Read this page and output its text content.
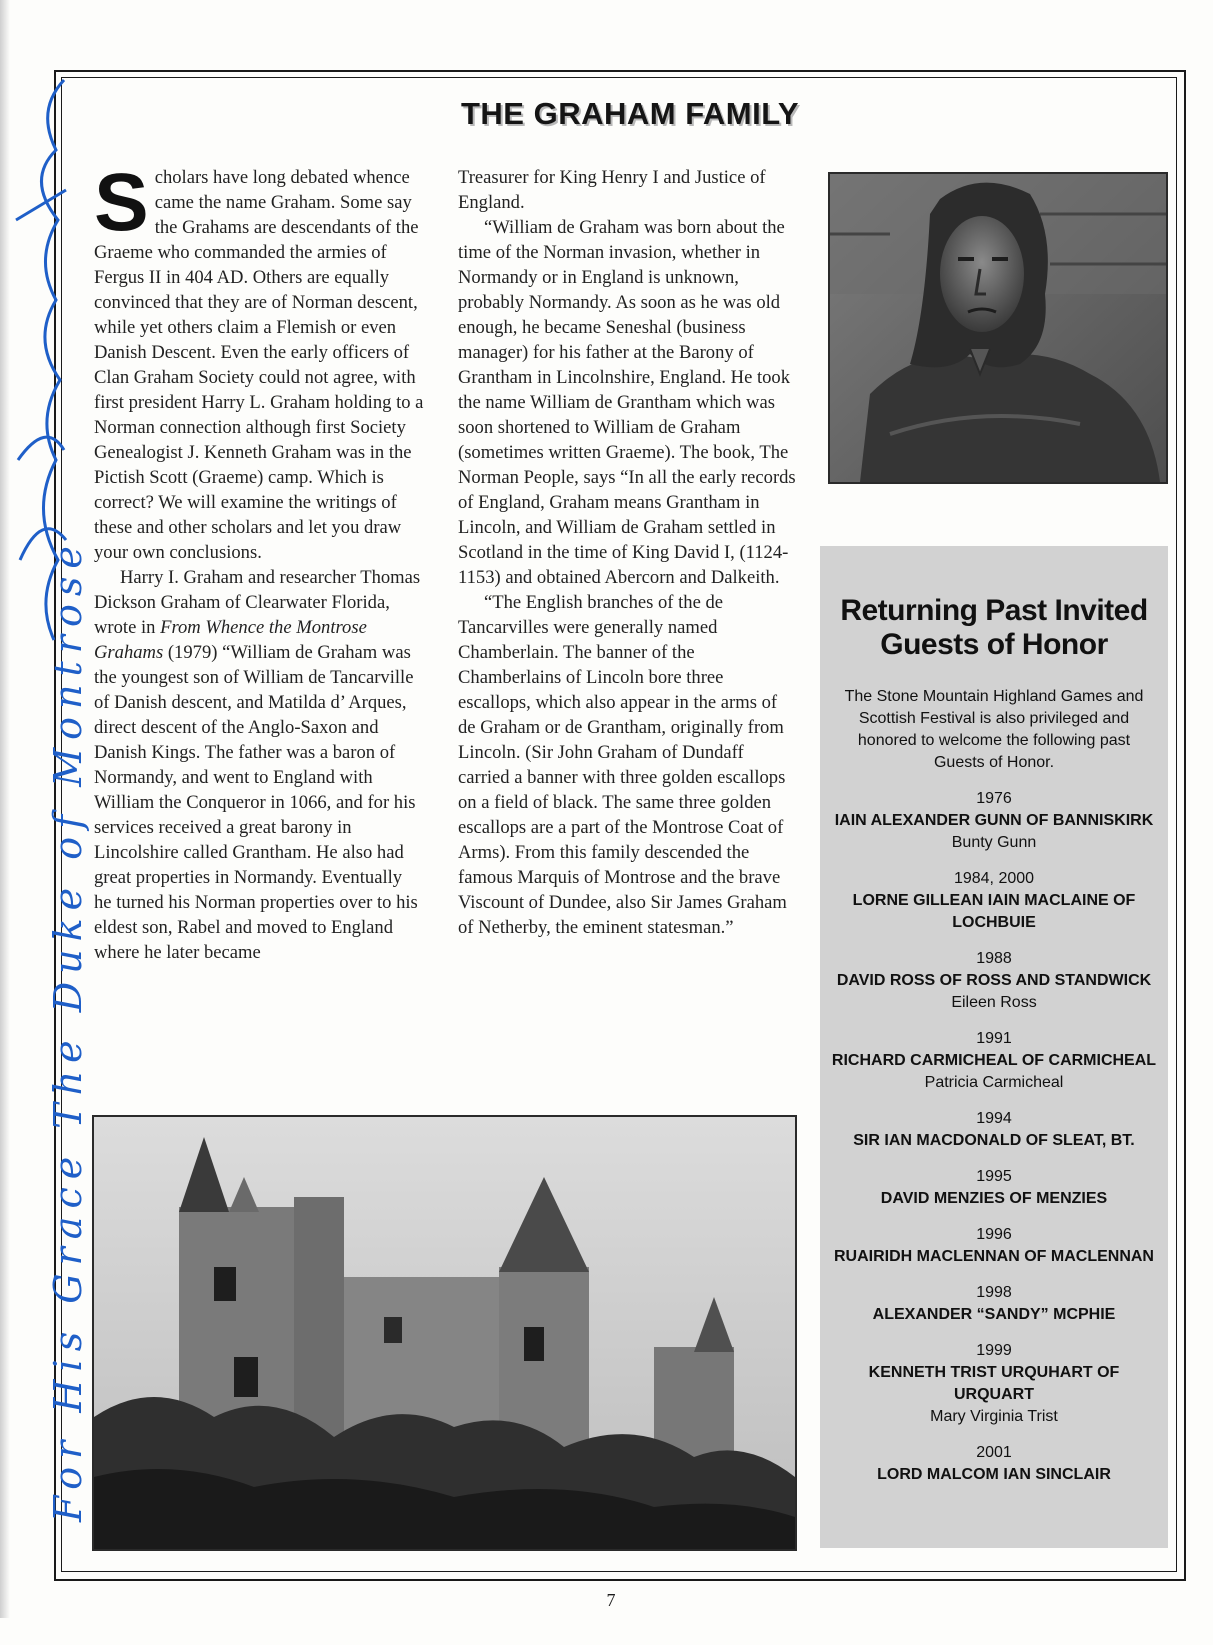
THE GRAHAM FAMILY

Scholars have long debated whence came the name Graham. Some say the Grahams are descendants of the Graeme who commanded the armies of Fergus II in 404 AD. Others are equally convinced that they are of Norman descent, while yet others claim a Flemish or even Danish Descent. Even the early officers of Clan Graham Society could not agree, with first president Harry L. Graham holding to a Norman connection although first Society Genealogist J. Kenneth Graham was in the Pictish Scott (Graeme) camp. Which is correct? We will examine the writings of these and other scholars and let you draw your own conclusions.

Harry I. Graham and researcher Thomas Dickson Graham of Clearwater Florida, wrote in From Whence the Montrose Grahams (1979) “William de Graham was the youngest son of William de Tancarville of Danish descent, and Matilda d’ Arques, direct descent of the Anglo-Saxon and Danish Kings. The father was a baron of Normandy, and went to England with William the Conqueror in 1066, and for his services received a great barony in Lincolshire called Grantham. He also had great properties in Normandy. Eventually he turned his Norman properties over to his eldest son, Rabel and moved to England where he later became

Treasurer for King Henry I and Justice of England.

“William de Graham was born about the time of the Norman invasion, whether in Normandy or in England is unknown, probably Normandy. As soon as he was old enough, he became Seneshal (business manager) for his father at the Barony of Grantham in Lincolnshire, England. He took the name William de Grantham which was soon shortened to William de Graham (sometimes written Graeme). The book, The Norman People, says “In all the early records of England, Graham means Grantham in Lincoln, and William de Graham settled in Scotland in the time of King David I, (1124-1153) and obtained Abercorn and Dalkeith.

“The English branches of the de Tancarvilles were generally named Chamberlain. The banner of the Chamberlains of Lincoln bore three escallops, which also appear in the arms of de Graham or de Grantham, originally from Lincoln. (Sir John Graham of Dundaff carried a banner with three golden escallops on a field of black. The same three golden escallops are a part of the Montrose Coat of Arms). From this family descended the famous Marquis of Montrose and the brave Viscount of Dundee, also Sir James Graham of Netherby, the eminent statesman.”

Returning Past Invited Guests of Honor

The Stone Mountain Highland Games and Scottish Festival is also privileged and honored to welcome the following past Guests of Honor.

1976
IAIN ALEXANDER GUNN OF BANNISKIRK
Bunty Gunn
1984, 2000
LORNE GILLEAN IAIN MACLAINE OF LOCHBUIE
1988
DAVID ROSS OF ROSS AND STANDWICK
Eileen Ross
1991
RICHARD CARMICHEAL OF CARMICHEAL
Patricia Carmicheal
1994
SIR IAN MACDONALD OF SLEAT, BT.
1995
DAVID MENZIES OF MENZIES
1996
RUAIRIDH MACLENNAN OF MACLENNAN
1998
ALEXANDER “SANDY” MCPHIE
1999
KENNETH TRIST URQUHART OF URQUART
Mary Virginia Trist
2001
LORD MALCOM IAN SINCLAIR
7
For His Grace The Duke of Montrose
